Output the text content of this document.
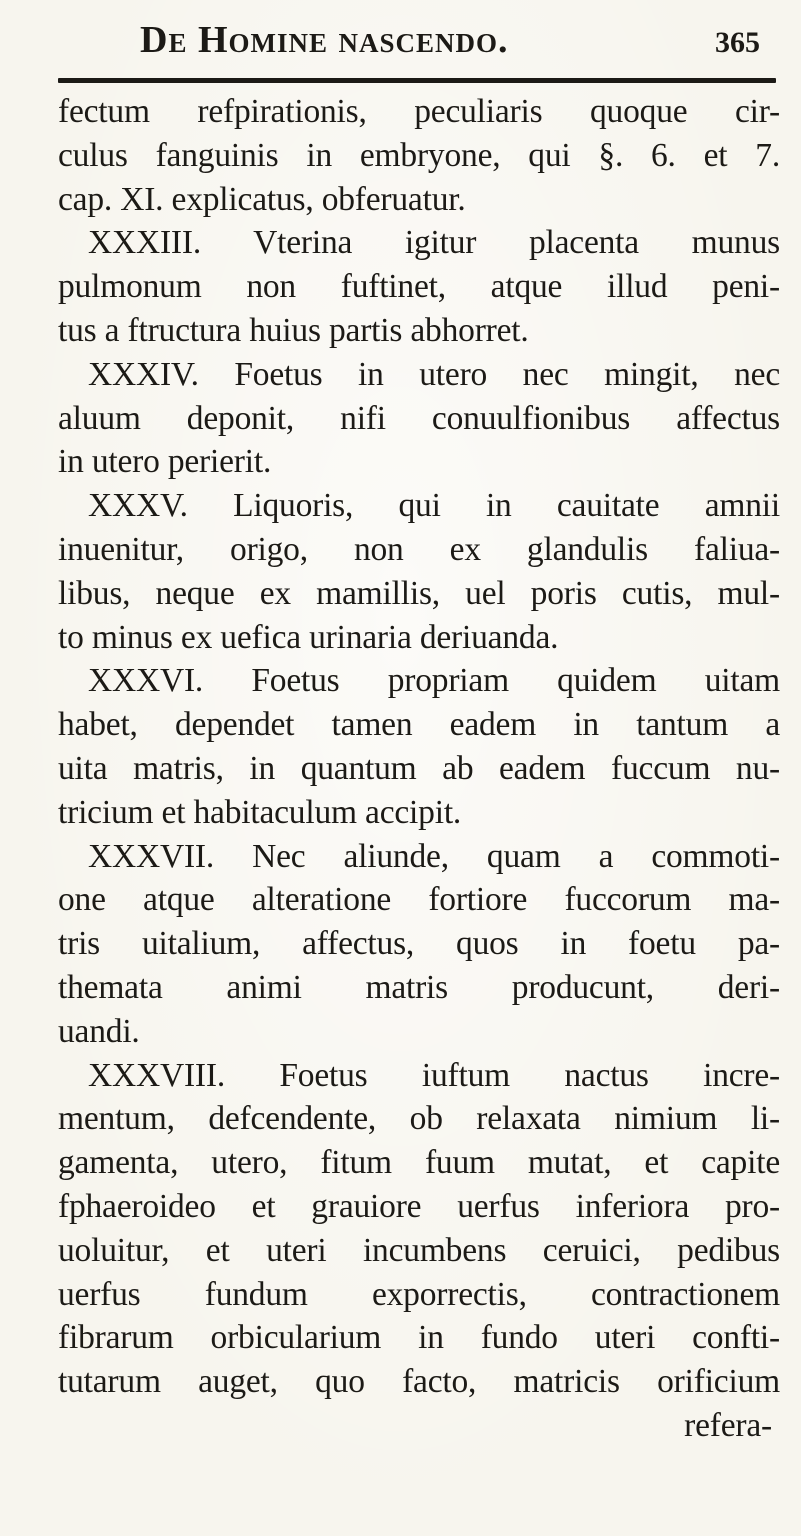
De Homine nascendo.	365
fectum refpirationis, peculiaris quoque cir-
culus fanguinis in embryone, qui §. 6. et 7.
cap. XI. explicatus, obferuatur.
XXXIII. Vterina igitur placenta munus
pulmonum non fuftinet, atque illud peni-
tus a ftructura huius partis abhorret.
XXXIV. Foetus in utero nec mingit, nec
aluum deponit, nifi conuulfionibus affectus
in utero perierit.
XXXV. Liquoris, qui in cauitate amnii
inuenitur, origo, non ex glandulis faliua-
libus, neque ex mamillis, uel poris cutis, mul-
to minus ex uefica urinaria deriuanda.
XXXVI. Foetus propriam quidem uitam
habet, dependet tamen eadem in tantum a
uita matris, in quantum ab eadem fuccum nu-
tricium et habitaculum accipit.
XXXVII. Nec aliunde, quam a commoti-
one atque alteratione fortiore fuccorum ma-
tris uitalium, affectus, quos in foetu pa-
themata animi matris producunt, deri-
uandi.
XXXVIII. Foetus iuftum nactus incre-
mentum, defcendente, ob relaxata nimium li-
gamenta, utero, fitum fuum mutat, et capite
fphaeroideo et grauiore uerfus inferiora pro-
uoluitur, et uteri incumbens ceruici, pedibus
uerfus fundum exporrectis, contractionem
fibrarum orbicularium in fundo uteri confti-
tutarum auget, quo facto, matricis orificium
refera-
